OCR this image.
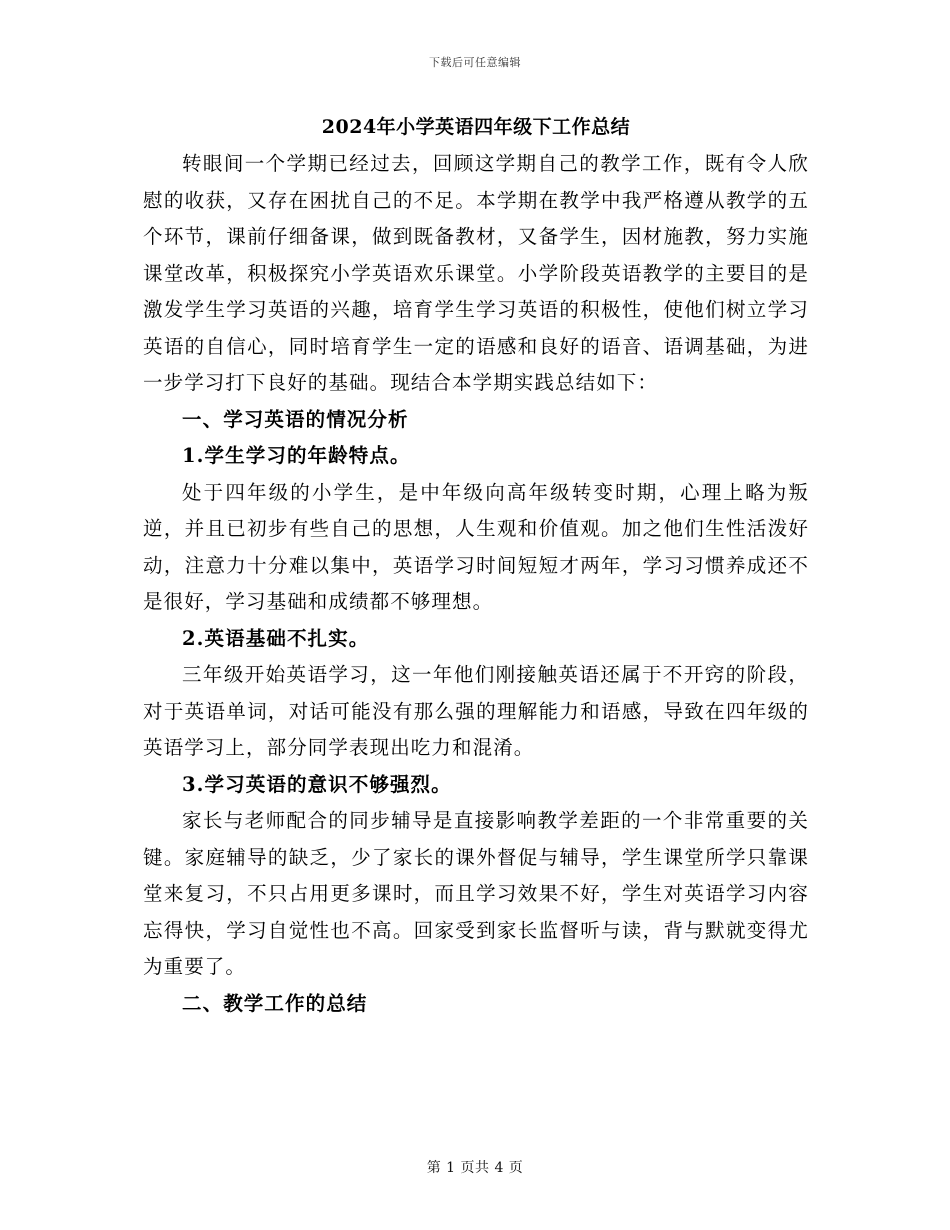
下载后可任意编辑
2024年小学英语四年级下工作总结

转眼间一个学期已经过去，回顾这学期自己的教学工作，既有令人欣慰的收获，又存在困扰自己的不足。本学期在教学中我严格遵从教学的五个环节，课前仔细备课，做到既备教材，又备学生，因材施教，努力实施课堂改革，积极探究小学英语欢乐课堂。小学阶段英语教学的主要目的是激发学生学习英语的兴趣，培育学生学习英语的积极性，使他们树立学习英语的自信心，同时培育学生一定的语感和良好的语音、语调基础，为进一步学习打下良好的基础。现结合本学期实践总结如下：

一、学习英语的情况分析

1.学生学习的年龄特点。

处于四年级的小学生，是中年级向高年级转变时期，心理上略为叛逆，并且已初步有些自己的思想，人生观和价值观。加之他们生性活泼好动，注意力十分难以集中，英语学习时间短短才两年，学习习惯养成还不是很好，学习基础和成绩都不够理想。

2.英语基础不扎实。

三年级开始英语学习，这一年他们刚接触英语还属于不开窍的阶段，对于英语单词，对话可能没有那么强的理解能力和语感，导致在四年级的英语学习上，部分同学表现出吃力和混淆。

3.学习英语的意识不够强烈。

家长与老师配合的同步辅导是直接影响教学差距的一个非常重要的关键。家庭辅导的缺乏，少了家长的课外督促与辅导，学生课堂所学只靠课堂来复习，不只占用更多课时，而且学习效果不好，学生对英语学习内容忘得快，学习自觉性也不高。回家受到家长监督听与读，背与默就变得尤为重要了。

二、教学工作的总结

第 1 页共 4 页
